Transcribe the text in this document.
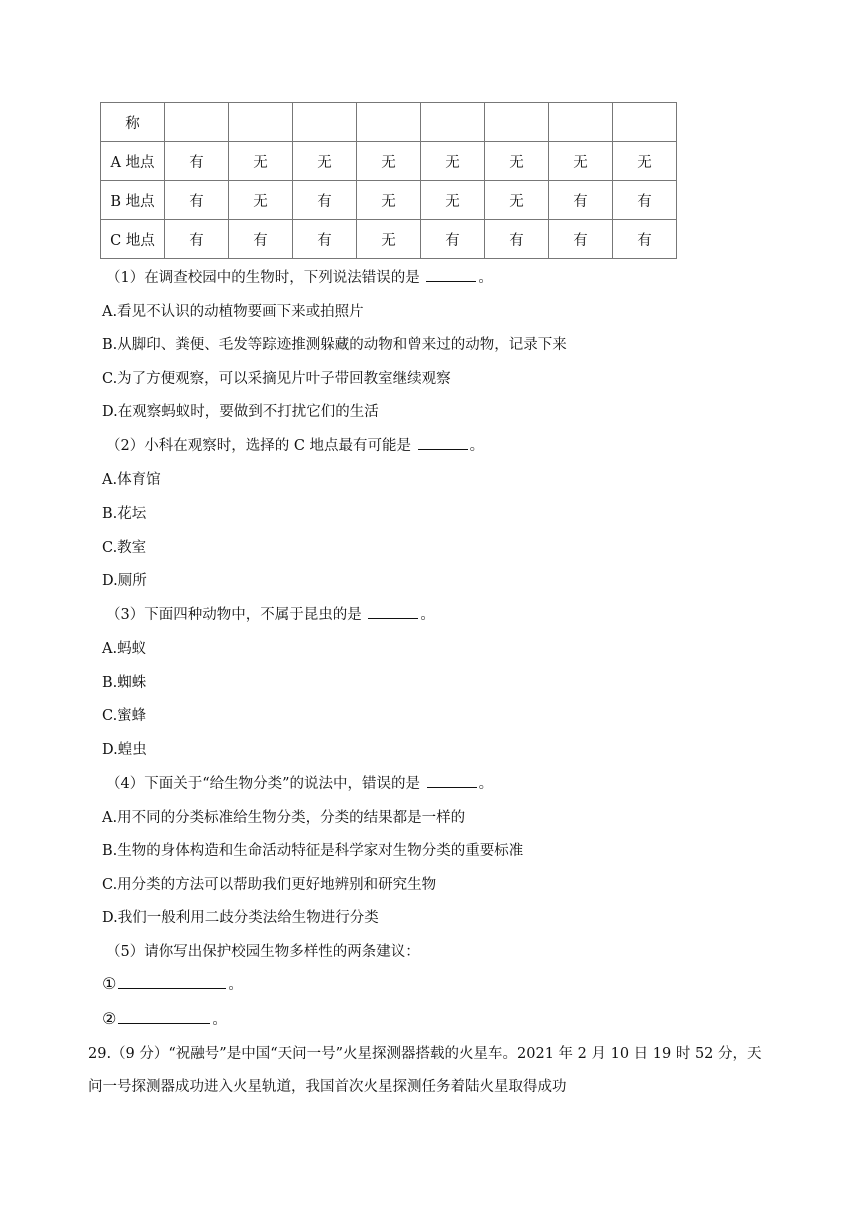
称								
A 地点	有	无	无	无	无	无	无	无
B 地点	有	无	有	无	无	无	有	有
C 地点	有	有	有	无	有	有	有	有
（1）在调查校园中的生物时，下列说法错误的是	。
A.看见不认识的动植物要画下来或拍照片
B.从脚印、粪便、毛发等踪迹推测躲藏的动物和曾来过的动物，记录下来
C.为了方便观察，可以采摘见片叶子带回教室继续观察
D.在观察蚂蚁时，要做到不打扰它们的生活
（2）小科在观察时，选择的 C 地点最有可能是	。
A.体育馆
B.花坛
C.教室
D.厕所
（3）下面四种动物中，不属于昆虫的是	。
A.蚂蚁
B.蜘蛛
C.蜜蜂
D.蝗虫
（4）下面关于“给生物分类”的说法中，错误的是	。
A.用不同的分类标准给生物分类，分类的结果都是一样的
B.生物的身体构造和生命活动特征是科学家对生物分类的重要标准
C.用分类的方法可以帮助我们更好地辨别和研究生物
D.我们一般利用二歧分类法给生物进行分类
（5）请你写出保护校园生物多样性的两条建议：
①	。
②	。
29.（9 分）“祝融号”是中国“天问一号”火星探测器搭载的火星车。2021 年 2 月 10 日 19 时 52 分，天问一号探测器成功进入火星轨道，我国首次火星探测任务着陆火星取得成功
